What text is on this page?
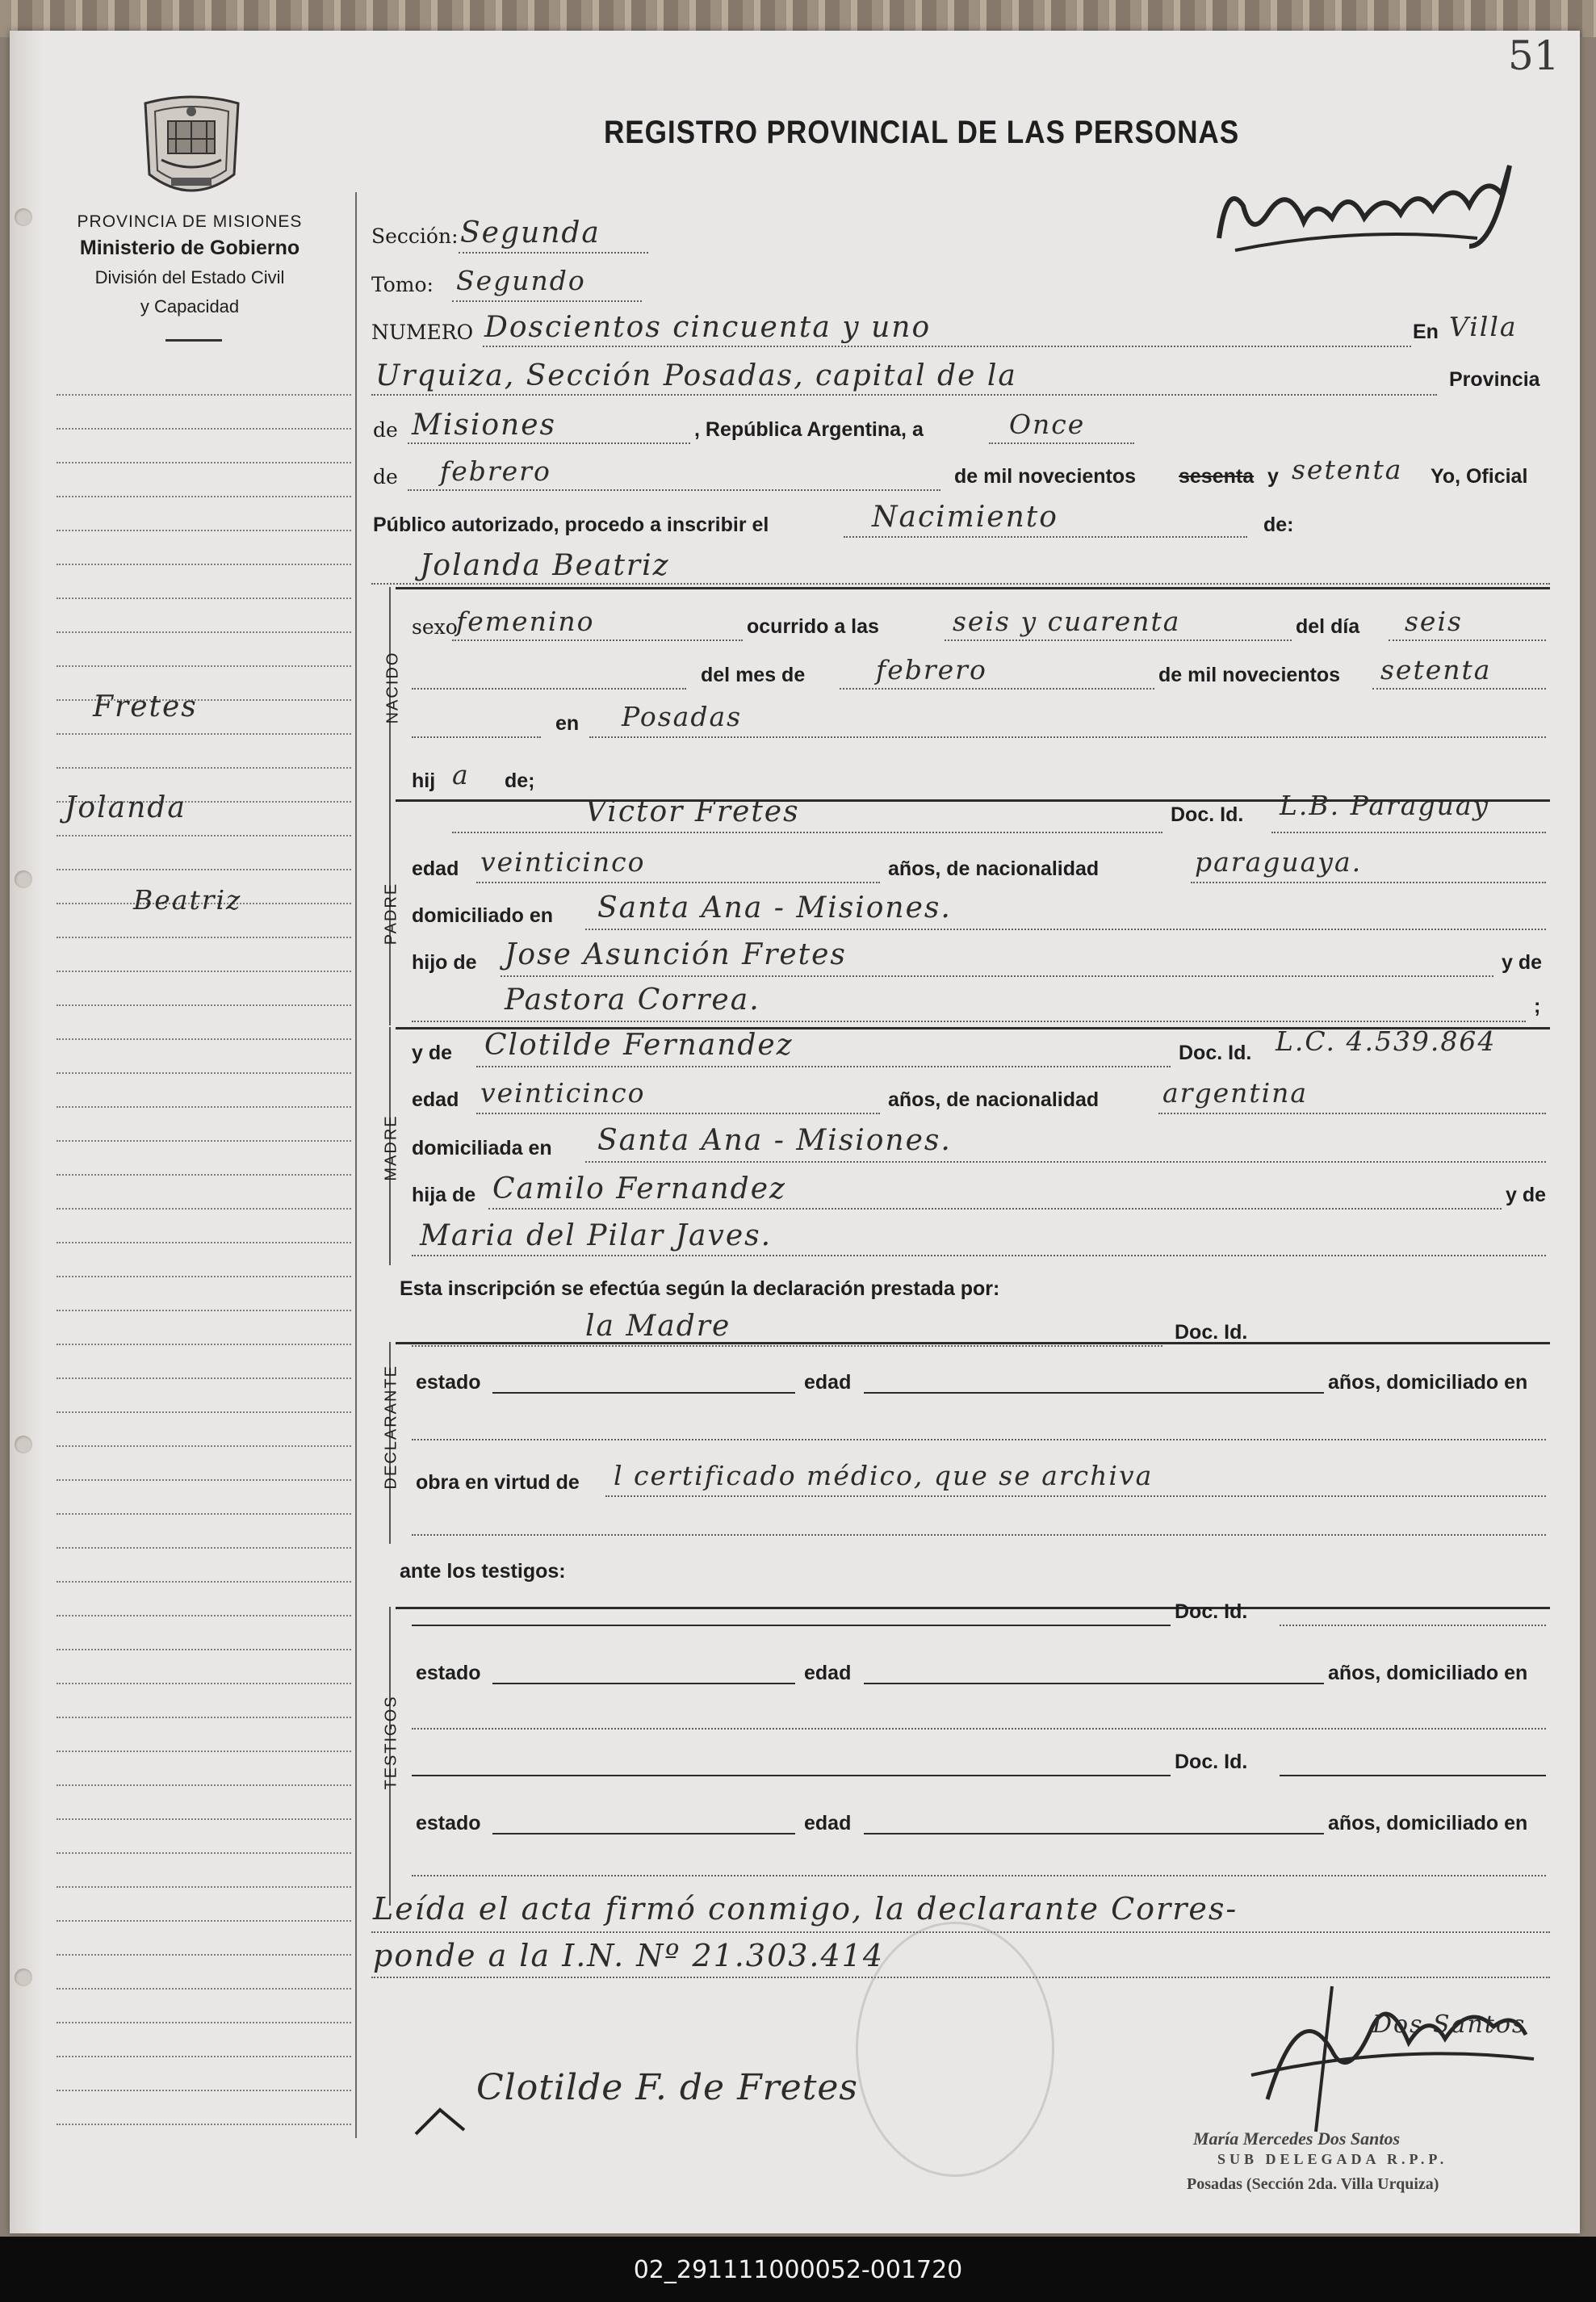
51
PROVINCIA DE MISIONES
Ministerio de Gobierno
División del Estado Civil
y Capacidad
REGISTRO PROVINCIAL DE LAS PERSONAS
Fretes
Jolanda
Beatriz
Sección: Segunda
Tomo: Segundo
NUMERO Doscientos cincuenta y uno	En Villa
Urquiza, Sección Posadas, capital de la	Provincia
de Misiones	, República Argentina, a	Once
de febrero	de mil novecientos sesenta y setenta Yo, Oficial
Público autorizado, procedo a inscribir el	Nacimiento	de:
Jolanda Beatriz
NACIDO
sexo
femenino	ocurrido a las	seis y cuarenta	del día seis
del mes de	febrero	de mil novecientos setenta
en Posadas
hij a de;
PADRE
Victor Fretes	Doc. Id. L.B. Paraguay
edad veinticinco	años, de nacionalidad	paraguaya.
domiciliado en Santa Ana - Misiones.
hijo de Jose Asunción Fretes	y de
Pastora Correa.	;
MADRE
y de Clotilde Fernandez	Doc. Id. L.C. 4.539.864
edad veinticinco	años, de nacionalidad argentina
domiciliada en Santa Ana - Misiones.
hija de Camilo Fernandez	y de
Maria del Pilar Javes.
Esta inscripción se efectúa según la declaración prestada por:
la Madre	Doc. Id.
DECLARANTE estado	edad	años, domiciliado en
obra en virtud de l certificado médico, que se archiva
ante los testigos:
TESTIGOS
Doc. Id.
estado	edad	años, domiciliado en
Doc. Id.
estado	edad	años, domiciliado en
Leída el acta firmó conmigo, la declarante Corres-
ponde a la I.N. Nº 21.303.414
Clotilde F. de Fretes
Dos Santos
María Mercedes Dos Santos
SUB DELEGADA R.P.P.
Posadas (Sección 2da. Villa Urquiza)
02_291111000052-001720
